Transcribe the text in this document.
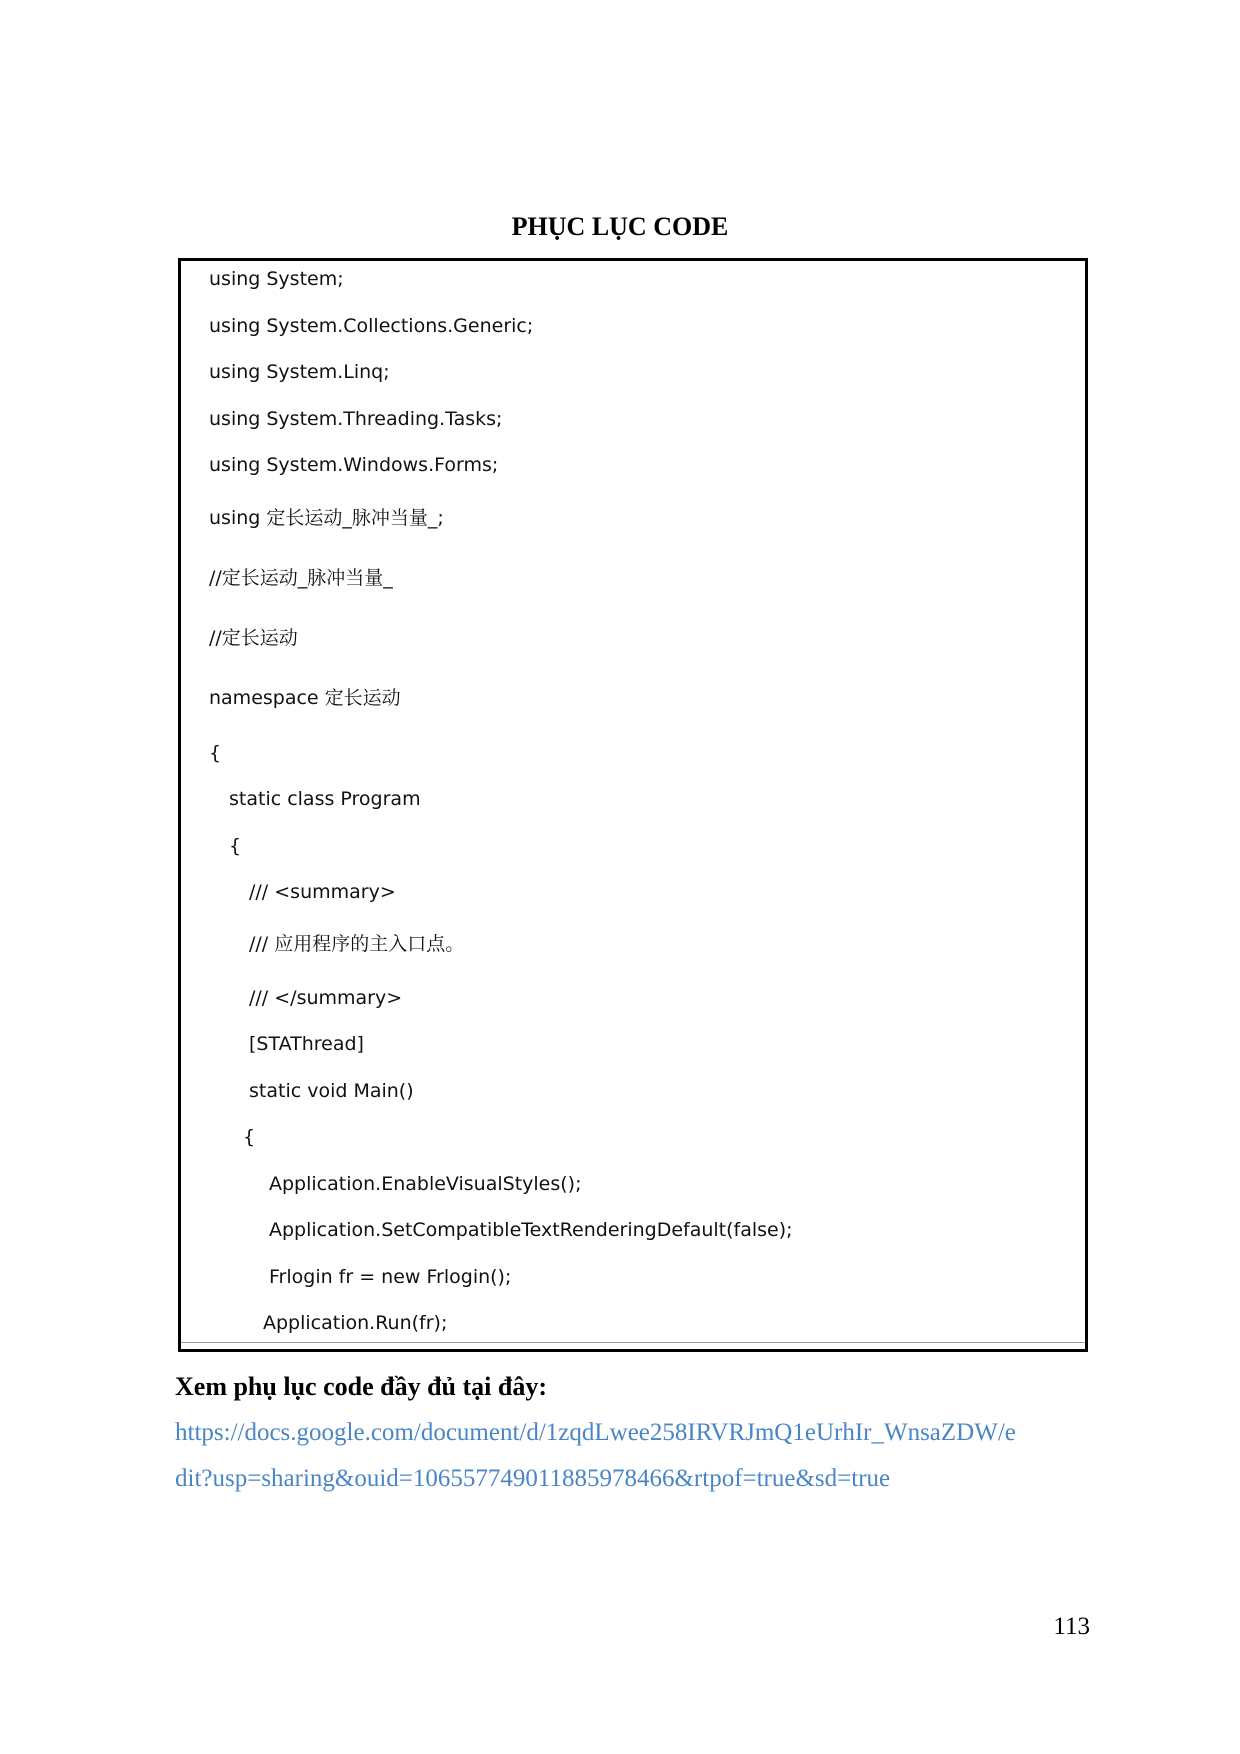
PHỤC LỤC CODE
using System;
using System.Collections.Generic;
using System.Linq;
using System.Threading.Tasks;
using System.Windows.Forms;
using 定长运动_脉冲当量_;
//定长运动_脉冲当量_
//定长运动
namespace 定长运动
{
static class Program
{
/// <summary>
/// 应用程序的主入口点。
/// </summary>
[STAThread]
static void Main()
{
Application.EnableVisualStyles();
Application.SetCompatibleTextRenderingDefault(false);
Frlogin fr = new Frlogin();
Application.Run(fr);

Xem phụ lục code đầy đủ tại đây:

https://docs.google.com/document/d/1zqdLwee258IRVRJmQ1eUrhIr_WnsaZDW/e
dit?usp=sharing&ouid=106557749011885978466&rtpof=true&sd=true
113
